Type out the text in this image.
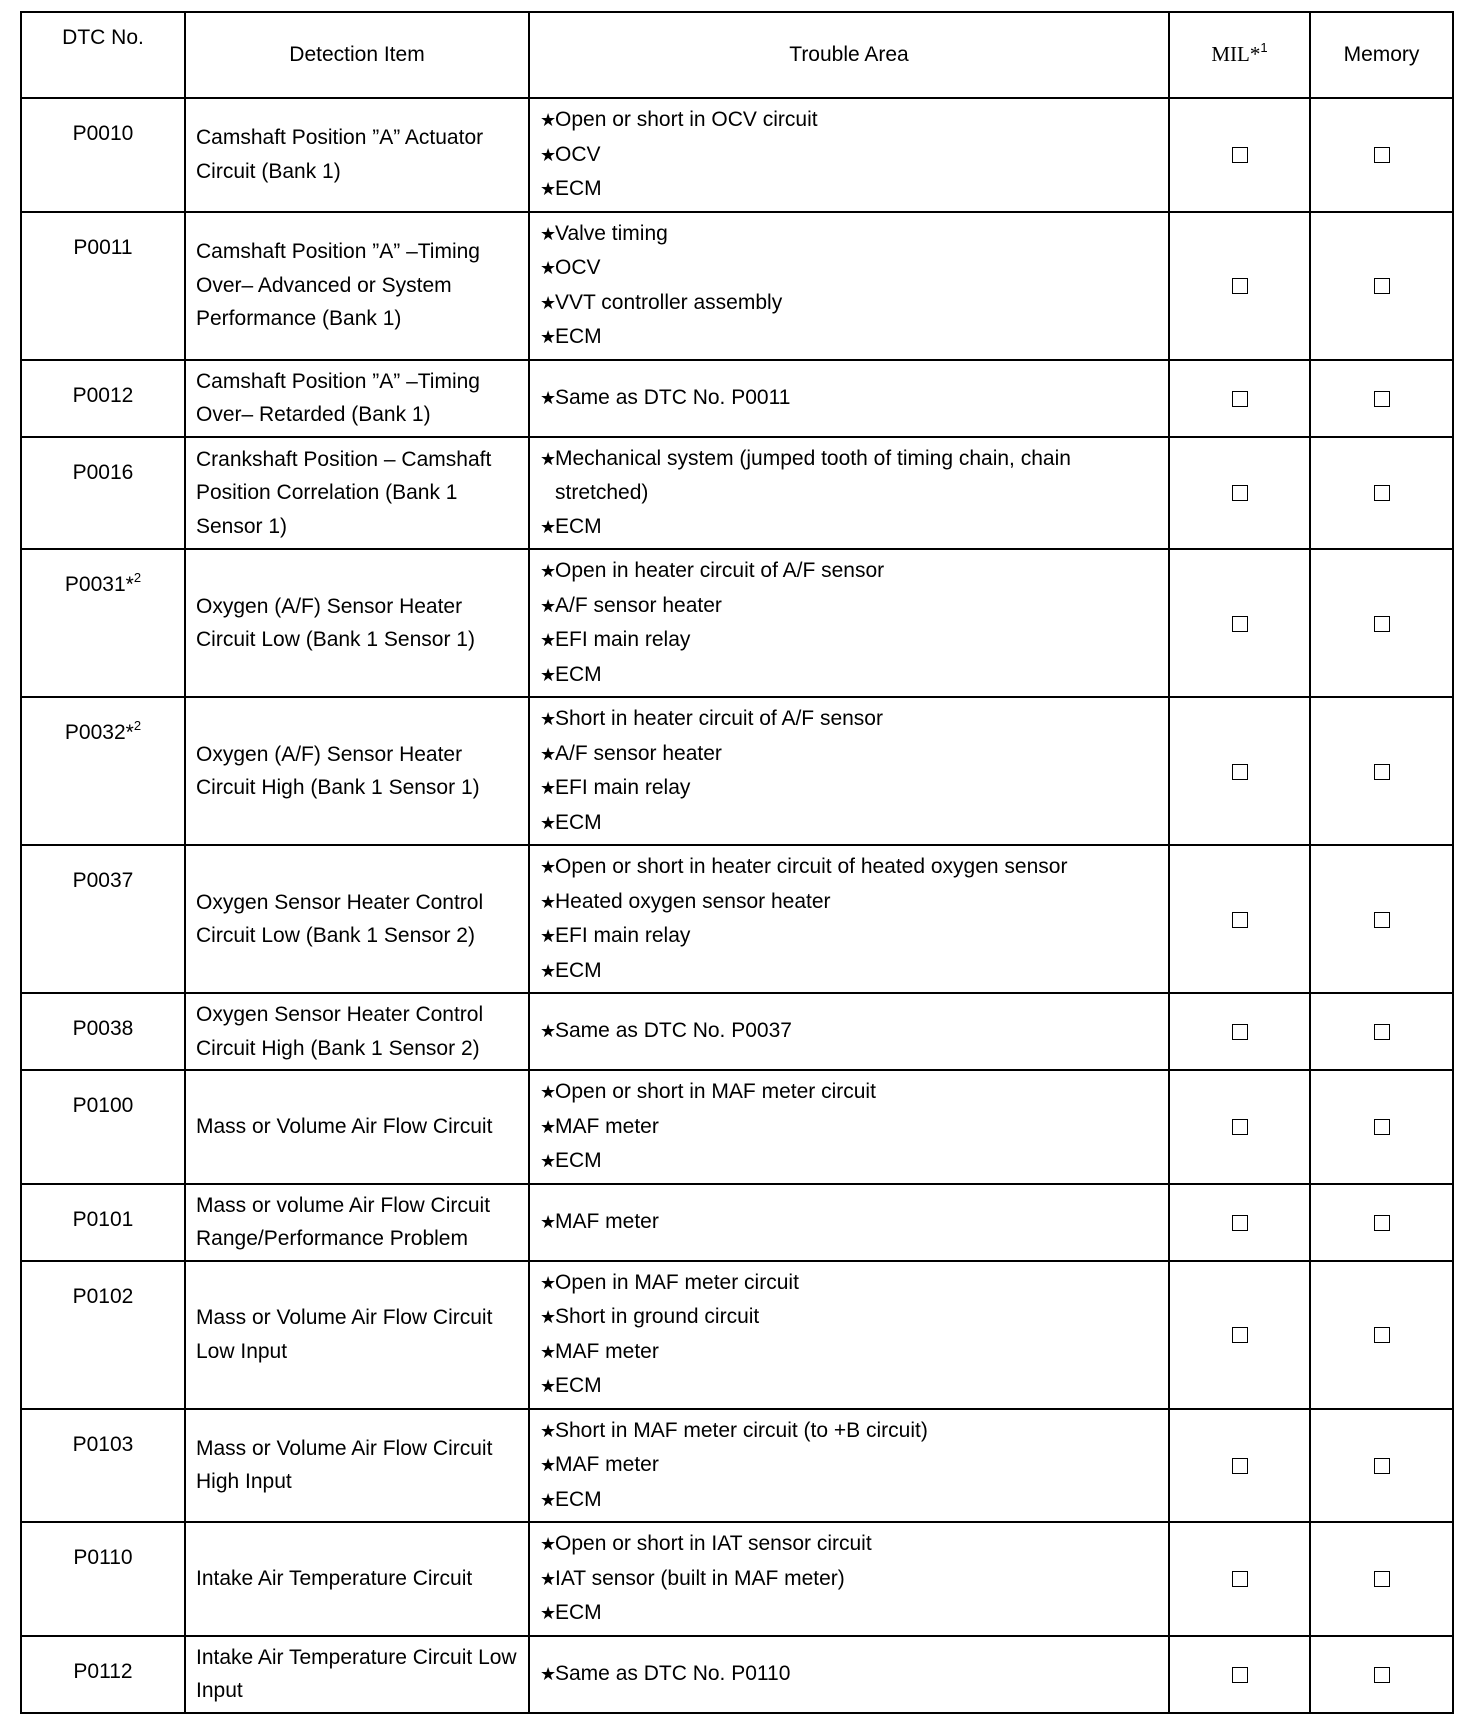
DTC No.	Detection Item	Trouble Area	MIL*$^1$	Memory
P0010	Camshaft Position ”A” Actuator Circuit (Bank 1)	★Open or short in OCV circuit
★OCV
★ECM		

P0011	Camshaft Position ”A” –Timing Over– Advanced or System Performance (Bank 1)	★Valve timing
★OCV
★VVT controller assembly
★ECM		

P0012	Camshaft Position ”A” –Timing Over– Retarded (Bank 1)	★Same as DTC No. P0011		

P0016	Crankshaft Position – Camshaft Position Correlation (Bank 1 Sensor 1)	★Mechanical system (jumped tooth of timing chain, chain
stretched)
★ECM		

P0031*$^2$	Oxygen (A/F) Sensor Heater Circuit Low (Bank 1 Sensor 1)	★Open in heater circuit of A/F sensor
★A/F sensor heater
★EFI main relay
★ECM		

P0032*$^2$	Oxygen (A/F) Sensor Heater Circuit High (Bank 1 Sensor 1)	★Short in heater circuit of A/F sensor
★A/F sensor heater
★EFI main relay
★ECM		

P0037	Oxygen Sensor Heater Control Circuit Low (Bank 1 Sensor 2)	★Open or short in heater circuit of heated oxygen sensor
★Heated oxygen sensor heater
★EFI main relay
★ECM		

P0038	Oxygen Sensor Heater Control Circuit High (Bank 1 Sensor 2)	★Same as DTC No. P0037		

P0100	Mass or Volume Air Flow Circuit	★Open or short in MAF meter circuit
★MAF meter
★ECM		

P0101	Mass or volume Air Flow Circuit Range/Performance Problem	★MAF meter		

P0102	Mass or Volume Air Flow Circuit Low Input	★Open in MAF meter circuit
★Short in ground circuit
★MAF meter
★ECM		

P0103	Mass or Volume Air Flow Circuit High Input	★Short in MAF meter circuit (to +B circuit)
★MAF meter
★ECM		

P0110	Intake Air Temperature Circuit	★Open or short in IAT sensor circuit
★IAT sensor (built in MAF meter)
★ECM		

P0112	Intake Air Temperature Circuit Low Input	★Same as DTC No. P0110		
